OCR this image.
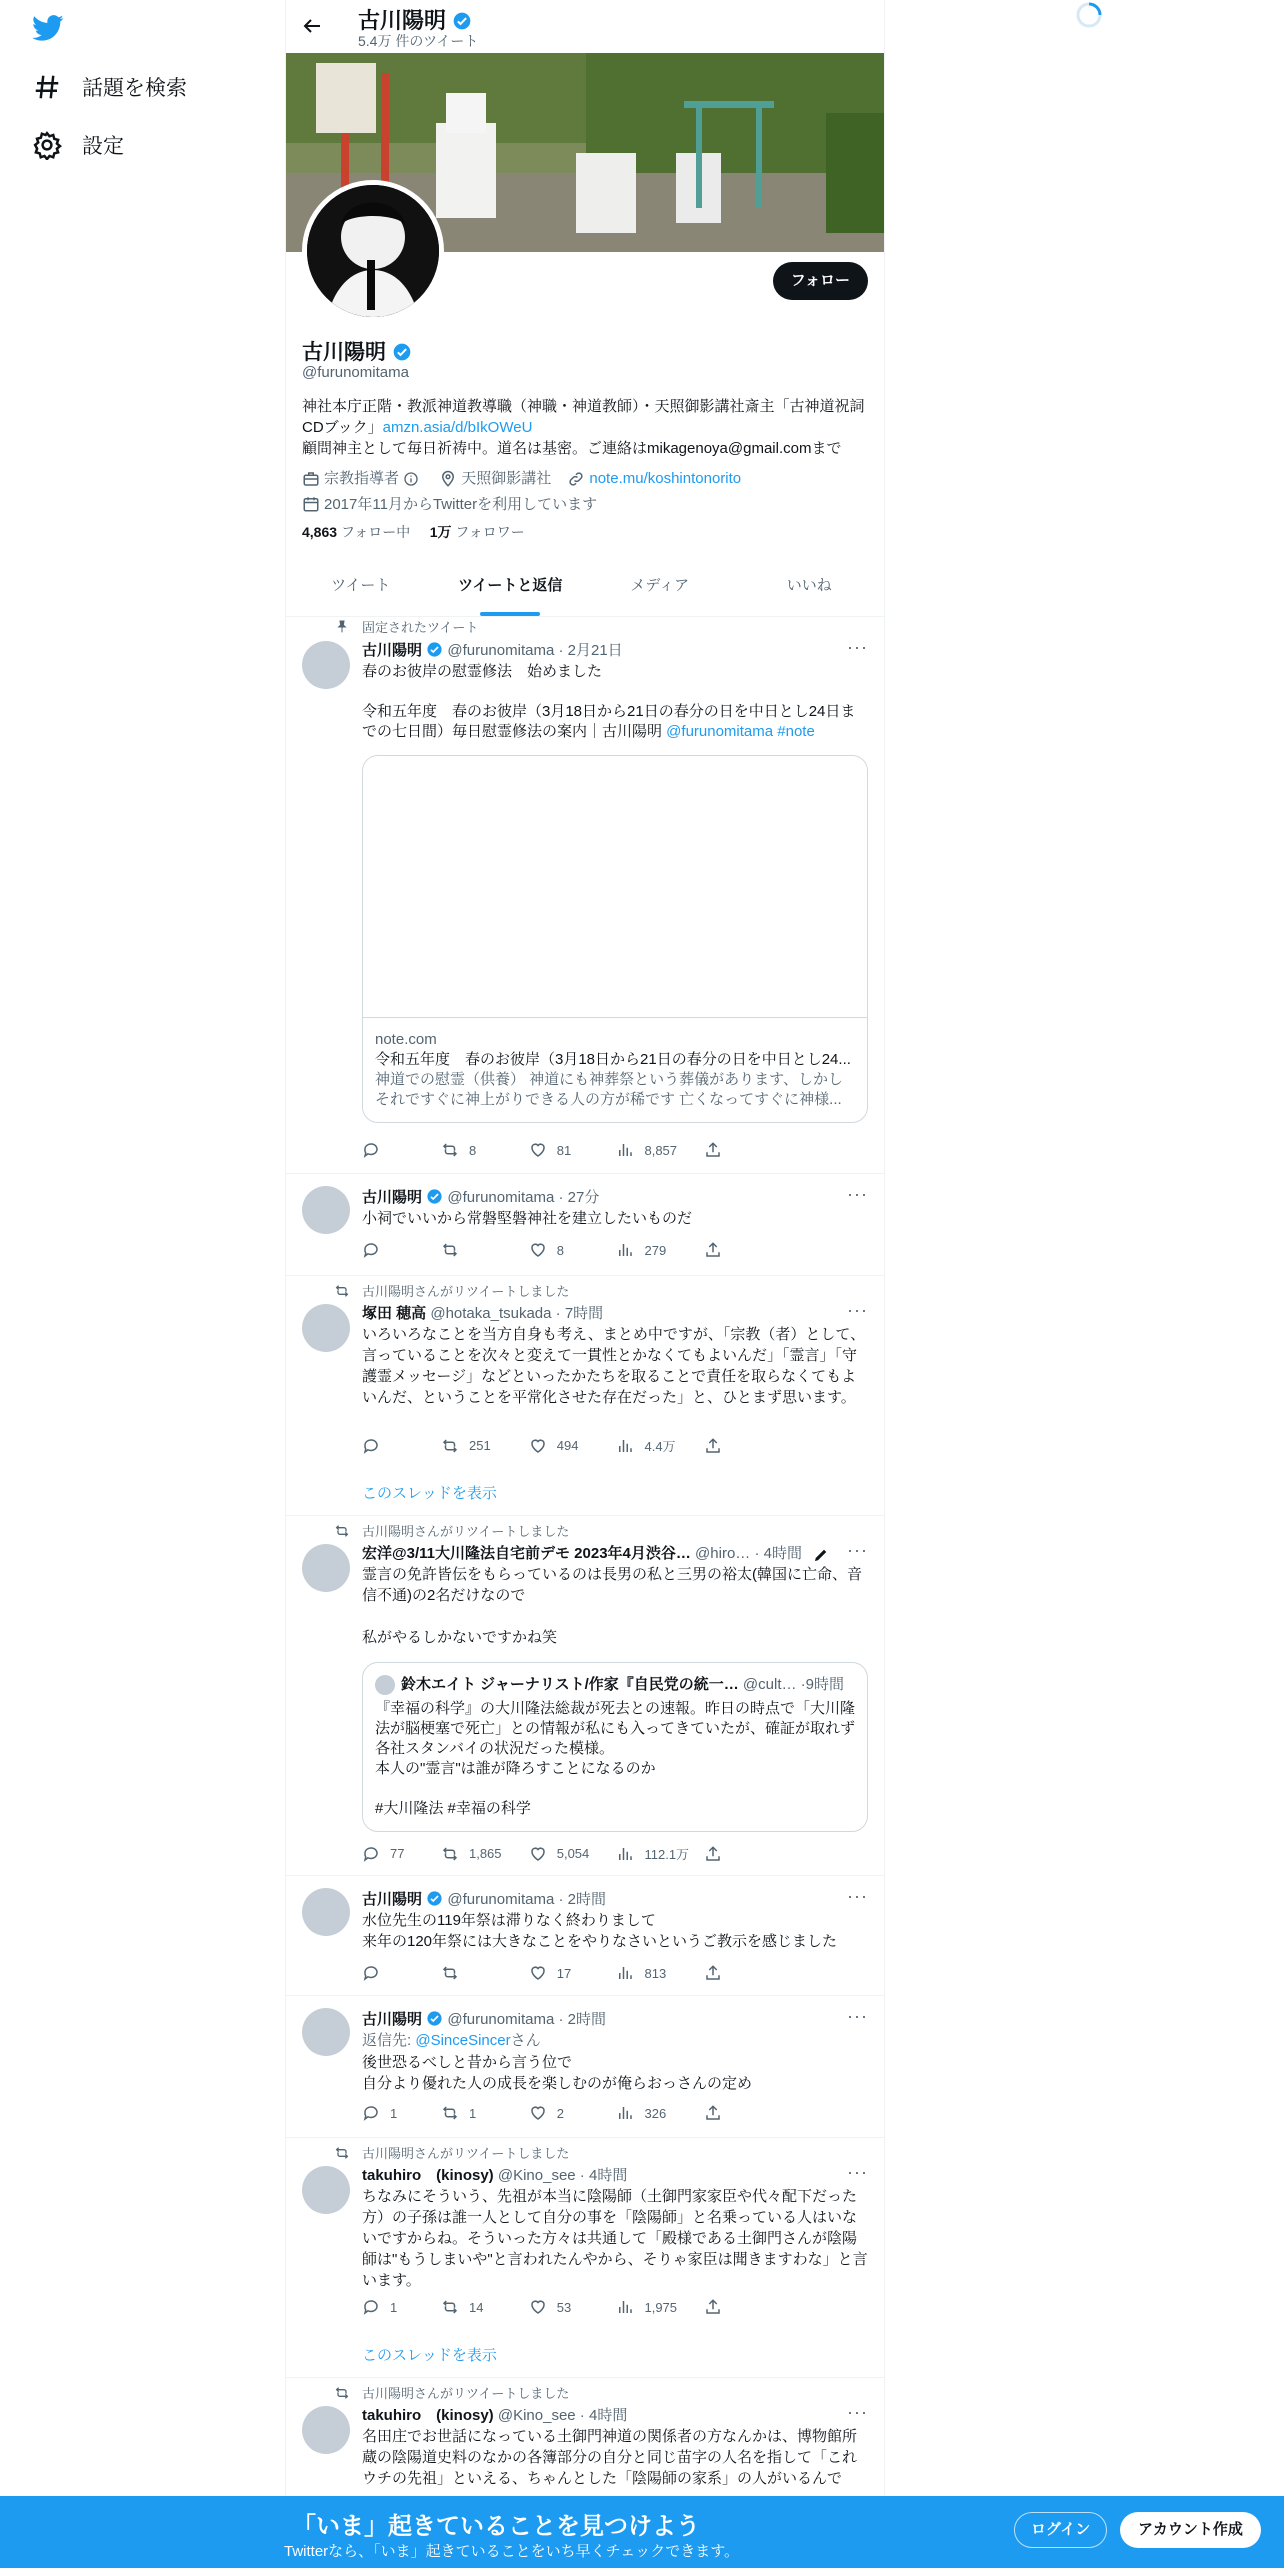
話題を検索
設定
古川陽明
5.4万 件のツイート
フォロー
古川陽明
@furunomitama
神社本庁正階・教派神道教導職（神職・神道教師）・天照御影講社斎主「古神道祝詞CDブック」amzn.asia/d/bIkOWeU
顧問神主として毎日祈祷中。道名は基密。ご連絡はmikagenoya@gmail.comまで
宗教指導者
	天照御影講社
	note.mu/koshintonorito

2017年11月からTwitterを利用しています
4,863 フォロー中 1万 フォロワー
ツイート	ツイートと返信	メディア	いいね
固定されたツイート
古川陽明 @furunomitama · 2月21日	···
春のお彼岸の慰霊修法　始めました

令和五年度　春のお彼岸（3月18日から21日の春分の日を中日とし24日までの七日間）毎日慰霊修法の案内｜古川陽明 @furunomitama #note
note.com
令和五年度　春のお彼岸（3月18日から21日の春分の日を中日とし24...
神道での慰霊（供養） 神道にも神葬祭という葬儀があります、しかしそれですぐに神上がりできる人の方が稀です 亡くなってすぐに神様...
8	81	8,857
古川陽明 @furunomitama · 27分	···
小祠でいいから常磐堅磐神社を建立したいものだ
8	279
古川陽明さんがリツイートしました
塚田 穂高 @hotaka_tsukada · 7時間	···
いろいろなことを当方自身も考え、まとめ中ですが、「宗教（者）として、言っていることを次々と変えて一貫性とかなくてもよいんだ」「霊言」「守護霊メッセージ」などといったかたちを取ることで責任を取らなくてもよいんだ、ということを平常化させた存在だった」と、ひとまず思います。
251	494	4.4万
このスレッドを表示
古川陽明さんがリツイートしました
宏洋@3/11大川隆法自宅前デモ 2023年4月渋谷… @hiro… · 4時間	···
霊言の免許皆伝をもらっているのは長男の私と三男の裕太(韓国に亡命、音信不通)の2名だけなので

私がやるしかないですかね笑
鈴木エイト ジャーナリスト/作家『自民党の統一…
@cult… · 9時間
『幸福の科学』の大川隆法総裁が死去との速報。昨日の時点で「大川隆法が脳梗塞で死亡」との情報が私にも入ってきていたが、確証が取れず各社スタンバイの状況だった模様。
本人の"霊言"は誰が降ろすことになるのか

#大川隆法 #幸福の科学
77	1,865	5,054	112.1万
古川陽明 @furunomitama · 2時間	···
水位先生の119年祭は滞りなく終わりまして
来年の120年祭には大きなことをやりなさいというご教示を感じました
17	813
古川陽明 @furunomitama · 2時間	···
返信先: @SinceSincerさん
後世恐るべしと昔から言う位で
自分より優れた人の成長を楽しむのが俺らおっさんの定め
1	1	2	326
古川陽明さんがリツイートしました
takuhiro　(kinosy) @Kino_see · 4時間	···
ちなみにそういう、先祖が本当に陰陽師（土御門家家臣や代々配下だった方）の子孫は誰一人として自分の事を「陰陽師」と名乗っている人はいないですからね。そういった方々は共通して「殿様である土御門さんが陰陽師は"もうしまいや"と言われたんやから、そりゃ家臣は聞きますわな」と言います。
1	14	53	1,975
このスレッドを表示
古川陽明さんがリツイートしました
takuhiro　(kinosy) @Kino_see · 4時間	···
名田庄でお世話になっている土御門神道の関係者の方なんかは、博物館所蔵の陰陽道史料のなかの各簿部分の自分と同じ苗字の人名を指して「これウチの先祖」といえる、ちゃんとした「陰陽師の家系」の人がいるんで
「いま」起きていることを見つけよう
Twitterなら、「いま」起きていることをいち早くチェックできます。
ログイン	アカウント作成
